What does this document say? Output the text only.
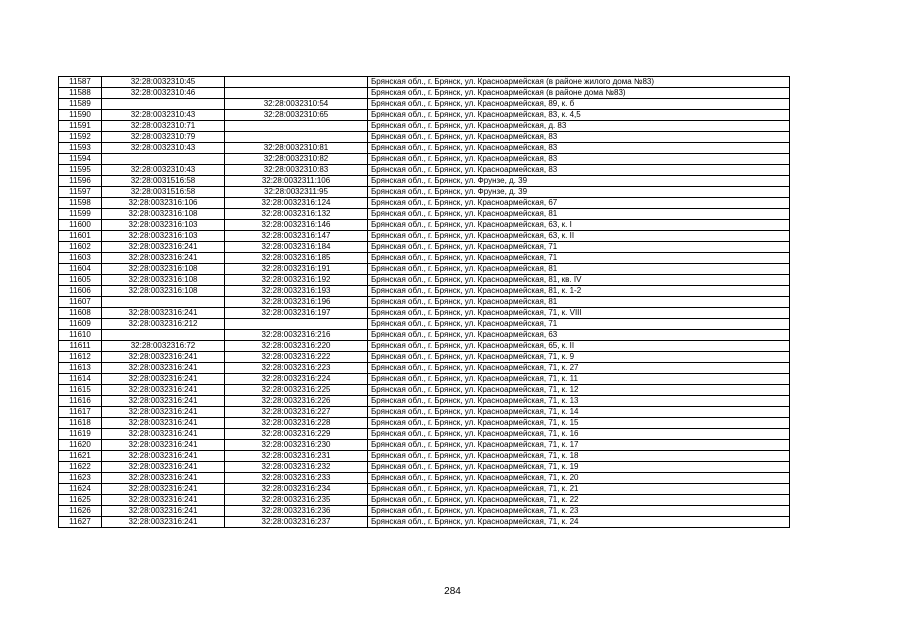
11587	32:28:0032310:45		Брянская обл., г. Брянск, ул. Красноармейская (в районе жилого дома №83)
11588	32:28:0032310:46		Брянская обл., г. Брянск, ул. Красноармейская (в районе дома №83)
11589		32:28:0032310:54	Брянская обл., г. Брянск, ул. Красноармейская, 89, к. б
11590	32:28:0032310:43	32:28:0032310:65	Брянская обл., г. Брянск, ул. Красноармейская, 83, к. 4,5
11591	32:28:0032310:71		Брянская обл., г. Брянск, ул. Красноармейская, д. 83
11592	32:28:0032310:79		Брянская обл., г. Брянск, ул. Красноармейская, 83
11593	32:28:0032310:43	32:28:0032310:81	Брянская обл., г. Брянск, ул. Красноармейская, 83
11594		32:28:0032310:82	Брянская обл., г. Брянск, ул. Красноармейская, 83
11595	32:28:0032310:43	32:28:0032310:83	Брянская обл., г. Брянск, ул. Красноармейская, 83
11596	32:28:0031516:58	32:28:0032311:106	Брянская обл., г. Брянск, ул. Фрунзе, д. 39
11597	32:28:0031516:58	32:28:0032311:95	Брянская обл., г. Брянск, ул. Фрунзе, д. 39
11598	32:28:0032316:106	32:28:0032316:124	Брянская обл., г. Брянск, ул. Красноармейская, 67
11599	32:28:0032316:108	32:28:0032316:132	Брянская обл., г. Брянск, ул. Красноармейская, 81
11600	32:28:0032316:103	32:28:0032316:146	Брянская обл., г. Брянск, ул. Красноармейская, 63, к. I
11601	32:28:0032316:103	32:28:0032316:147	Брянская обл., г. Брянск, ул. Красноармейская, 63, к. II
11602	32:28:0032316:241	32:28:0032316:184	Брянская обл., г. Брянск, ул. Красноармейская, 71
11603	32:28:0032316:241	32:28:0032316:185	Брянская обл., г. Брянск, ул. Красноармейская, 71
11604	32:28:0032316:108	32:28:0032316:191	Брянская обл., г. Брянск, ул. Красноармейская, 81
11605	32:28:0032316:108	32:28:0032316:192	Брянская обл., г. Брянск, ул. Красноармейская, 81, кв. IV
11606	32:28:0032316:108	32:28:0032316:193	Брянская обл., г. Брянск, ул. Красноармейская, 81, к. 1-2
11607		32:28:0032316:196	Брянская обл., г. Брянск, ул. Красноармейская, 81
11608	32:28:0032316:241	32:28:0032316:197	Брянская обл., г. Брянск, ул. Красноармейская, 71, к. VIII
11609	32:28:0032316:212		Брянская обл., г. Брянск, ул. Красноармейская, 71
11610		32:28:0032316:216	Брянская обл., г. Брянск, ул. Красноармейская, 63
11611	32:28:0032316:72	32:28:0032316:220	Брянская обл., г. Брянск, ул. Красноармейская, 65, к. II
11612	32:28:0032316:241	32:28:0032316:222	Брянская обл., г. Брянск, ул. Красноармейская, 71, к. 9
11613	32:28:0032316:241	32:28:0032316:223	Брянская обл., г. Брянск, ул. Красноармейская, 71, к. 27
11614	32:28:0032316:241	32:28:0032316:224	Брянская обл., г. Брянск, ул. Красноармейская, 71, к. 11
11615	32:28:0032316:241	32:28:0032316:225	Брянская обл., г. Брянск, ул. Красноармейская, 71, к. 12
11616	32:28:0032316:241	32:28:0032316:226	Брянская обл., г. Брянск, ул. Красноармейская, 71, к. 13
11617	32:28:0032316:241	32:28:0032316:227	Брянская обл., г. Брянск, ул. Красноармейская, 71, к. 14
11618	32:28:0032316:241	32:28:0032316:228	Брянская обл., г. Брянск, ул. Красноармейская, 71, к. 15
11619	32:28:0032316:241	32:28:0032316:229	Брянская обл., г. Брянск, ул. Красноармейская, 71, к. 16
11620	32:28:0032316:241	32:28:0032316:230	Брянская обл., г. Брянск, ул. Красноармейская, 71, к. 17
11621	32:28:0032316:241	32:28:0032316:231	Брянская обл., г. Брянск, ул. Красноармейская, 71, к. 18
11622	32:28:0032316:241	32:28:0032316:232	Брянская обл., г. Брянск, ул. Красноармейская, 71, к. 19
11623	32:28:0032316:241	32:28:0032316:233	Брянская обл., г. Брянск, ул. Красноармейская, 71, к. 20
11624	32:28:0032316:241	32:28:0032316:234	Брянская обл., г. Брянск, ул. Красноармейская, 71, к. 21
11625	32:28:0032316:241	32:28:0032316:235	Брянская обл., г. Брянск, ул. Красноармейская, 71, к. 22
11626	32:28:0032316:241	32:28:0032316:236	Брянская обл., г. Брянск, ул. Красноармейская, 71, к. 23
11627	32:28:0032316:241	32:28:0032316:237	Брянская обл., г. Брянск, ул. Красноармейская, 71, к. 24
284
